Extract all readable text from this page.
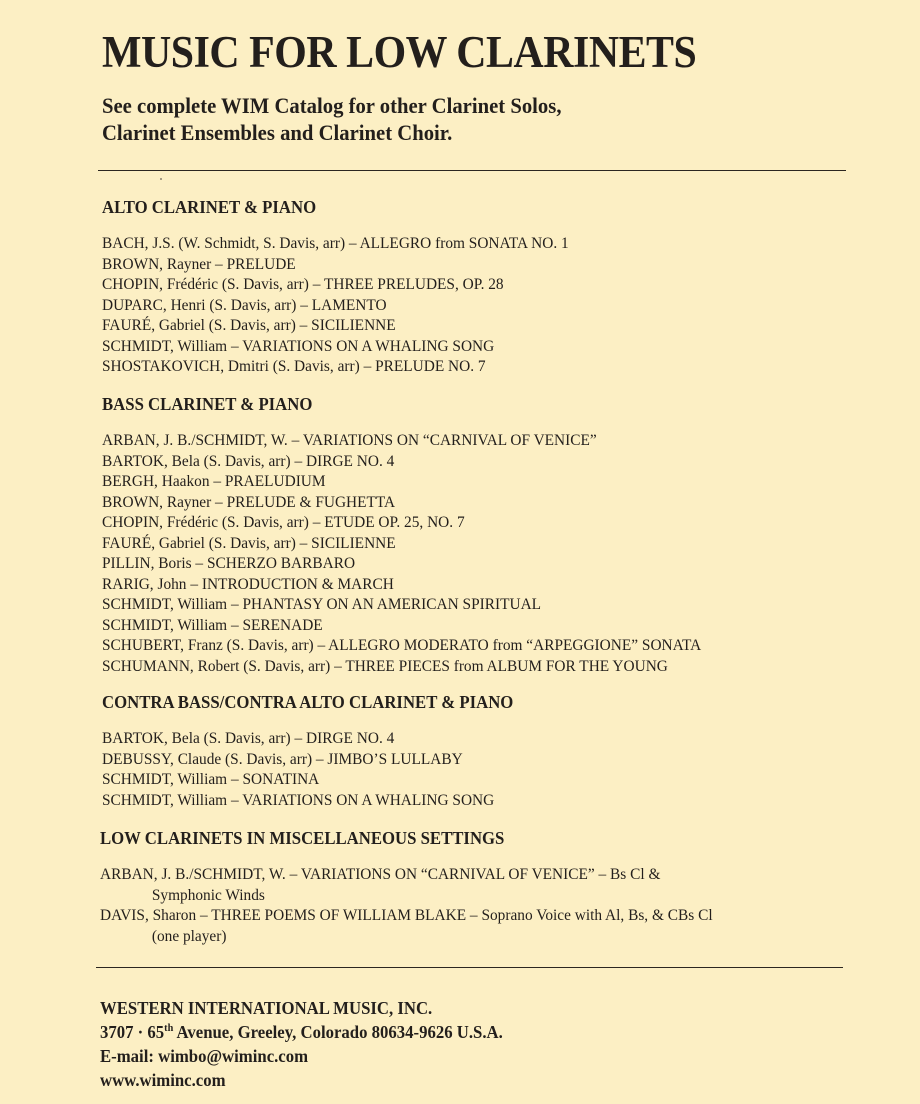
MUSIC FOR LOW CLARINETS
See complete WIM Catalog for other Clarinet Solos,
Clarinet Ensembles and Clarinet Choir.
ALTO CLARINET & PIANO
BACH, J.S. (W. Schmidt, S. Davis, arr) – ALLEGRO from SONATA NO. 1
BROWN, Rayner – PRELUDE
CHOPIN, Frédéric (S. Davis, arr) – THREE PRELUDES, OP. 28
DUPARC, Henri (S. Davis, arr) – LAMENTO
FAURÉ, Gabriel (S. Davis, arr) – SICILIENNE
SCHMIDT, William – VARIATIONS ON A WHALING SONG
SHOSTAKOVICH, Dmitri (S. Davis, arr) – PRELUDE NO. 7
BASS CLARINET & PIANO
ARBAN, J. B./SCHMIDT, W. – VARIATIONS ON “CARNIVAL OF VENICE”
BARTOK, Bela (S. Davis, arr) – DIRGE NO. 4
BERGH, Haakon – PRAELUDIUM
BROWN, Rayner – PRELUDE & FUGHETTA
CHOPIN, Frédéric (S. Davis, arr) – ETUDE OP. 25, NO. 7
FAURÉ, Gabriel (S. Davis, arr) – SICILIENNE
PILLIN, Boris – SCHERZO BARBARO
RARIG, John – INTRODUCTION & MARCH
SCHMIDT, William – PHANTASY ON AN AMERICAN SPIRITUAL
SCHMIDT, William – SERENADE
SCHUBERT, Franz (S. Davis, arr) – ALLEGRO MODERATO from “ARPEGGIONE” SONATA
SCHUMANN, Robert (S. Davis, arr) – THREE PIECES from ALBUM FOR THE YOUNG
CONTRA BASS/CONTRA ALTO CLARINET & PIANO
BARTOK, Bela (S. Davis, arr) – DIRGE NO. 4
DEBUSSY, Claude (S. Davis, arr) – JIMBO’S LULLABY
SCHMIDT, William – SONATINA
SCHMIDT, William – VARIATIONS ON A WHALING SONG
LOW CLARINETS IN MISCELLANEOUS SETTINGS
ARBAN, J. B./SCHMIDT, W. – VARIATIONS ON “CARNIVAL OF VENICE” – Bs Cl &
Symphonic Winds
DAVIS, Sharon – THREE POEMS OF WILLIAM BLAKE – Soprano Voice with Al, Bs, & CBs Cl
(one player)
WESTERN INTERNATIONAL MUSIC, INC.
3707 · 65th Avenue, Greeley, Colorado 80634-9626 U.S.A.
E-mail: wimbo@wiminc.com
www.wiminc.com
